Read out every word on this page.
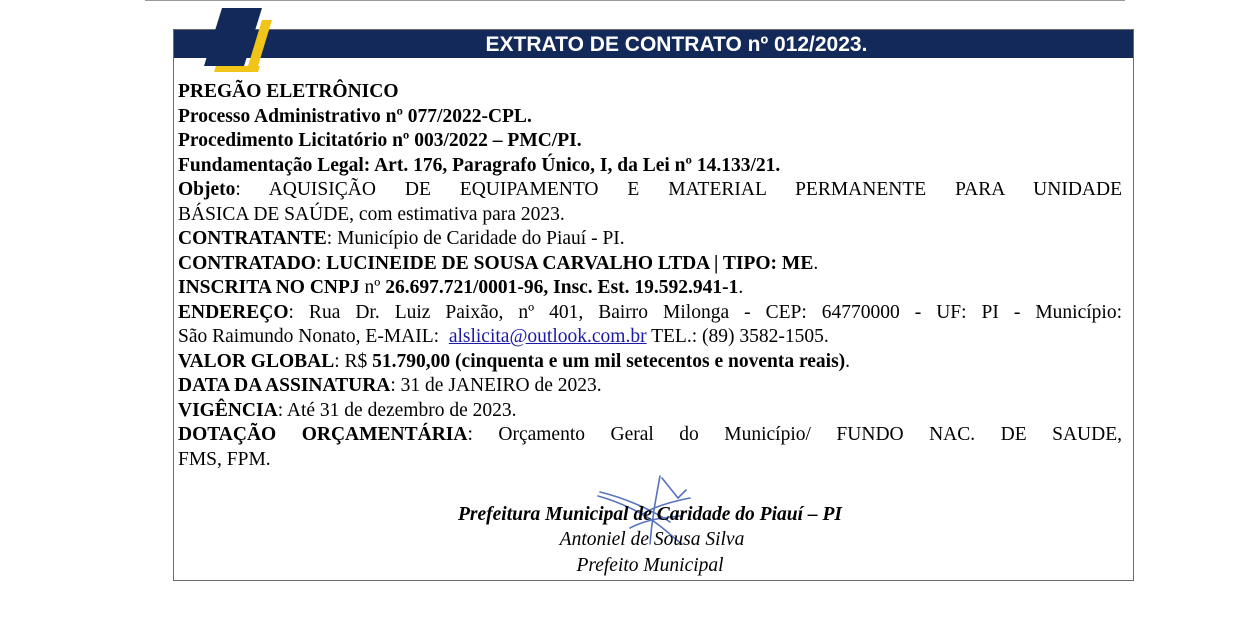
EXTRATO DE CONTRATO nº 012/2023.
PREGÃO ELETRÔNICO
Processo Administrativo nº 077/2022-CPL.
Procedimento Licitatório nº 003/2022 – PMC/PI.
Fundamentação Legal: Art. 176, Paragrafo Único, I, da Lei nº 14.133/21.
Objeto: AQUISIÇÃO DE EQUIPAMENTO E MATERIAL PERMANENTE PARA UNIDADE
BÁSICA DE SAÚDE, com estimativa para 2023.
CONTRATANTE: Município de Caridade do Piauí - PI.
CONTRATADO: LUCINEIDE DE SOUSA CARVALHO LTDA | TIPO: ME.
INSCRITA NO CNPJ nº 26.697.721/0001-96, Insc. Est. 19.592.941-1.
ENDEREÇO: Rua Dr. Luiz Paixão, nº 401, Bairro Milonga - CEP: 64770000 - UF: PI - Município:
São Raimundo Nonato, E-MAIL:  alslicita@outlook.com.br TEL.: (89) 3582-1505.
VALOR GLOBAL: R$ 51.790,00 (cinquenta e um mil setecentos e noventa reais).
DATA DA ASSINATURA: 31 de JANEIRO de 2023.
VIGÊNCIA: Até 31 de dezembro de 2023.
DOTAÇÃO ORÇAMENTÁRIA: Orçamento Geral do Município/ FUNDO NAC. DE SAUDE,
FMS, FPM.
Prefeitura Municipal de Caridade do Piauí – PI
Antoniel de Sousa Silva
Prefeito Municipal
